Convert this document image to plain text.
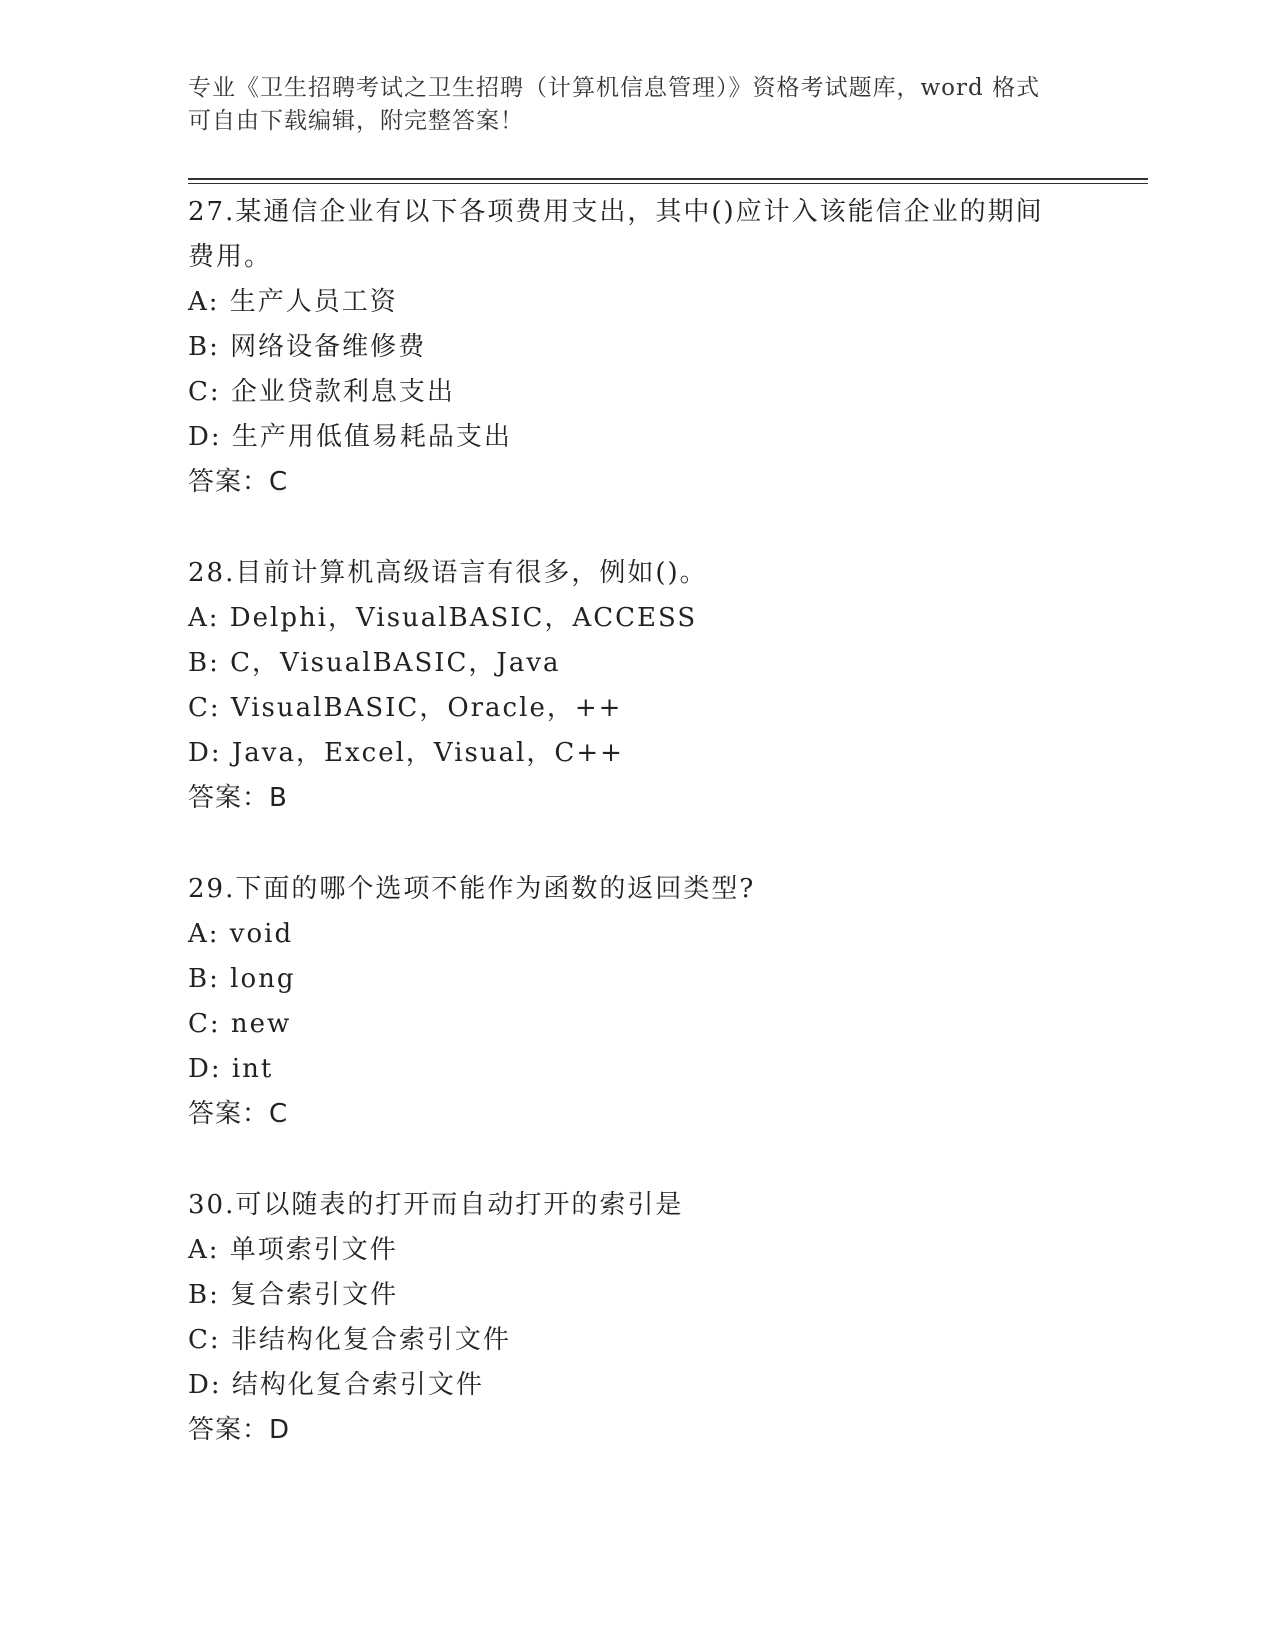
专业《卫生招聘考试之卫生招聘（计算机信息管理）》资格考试题库，word 格式
可自由下载编辑，附完整答案！
27.某通信企业有以下各项费用支出，其中()应计入该能信企业的期间
费用。
A: 生产人员工资
B: 网络设备维修费
C: 企业贷款利息支出
D: 生产用低值易耗品支出
答案：C
28.目前计算机高级语言有很多，例如()。
A: Delphi，VisualBASIC，ACCESS
B: C，VisualBASIC，Java
C: VisualBASIC，Oracle，++
D: Java，Excel，Visual，C++
答案：B
29.下面的哪个选项不能作为函数的返回类型?
A: void
B: long
C: new
D: int
答案：C
30.可以随表的打开而自动打开的索引是
A: 单项索引文件
B: 复合索引文件
C: 非结构化复合索引文件
D: 结构化复合索引文件
答案：D
